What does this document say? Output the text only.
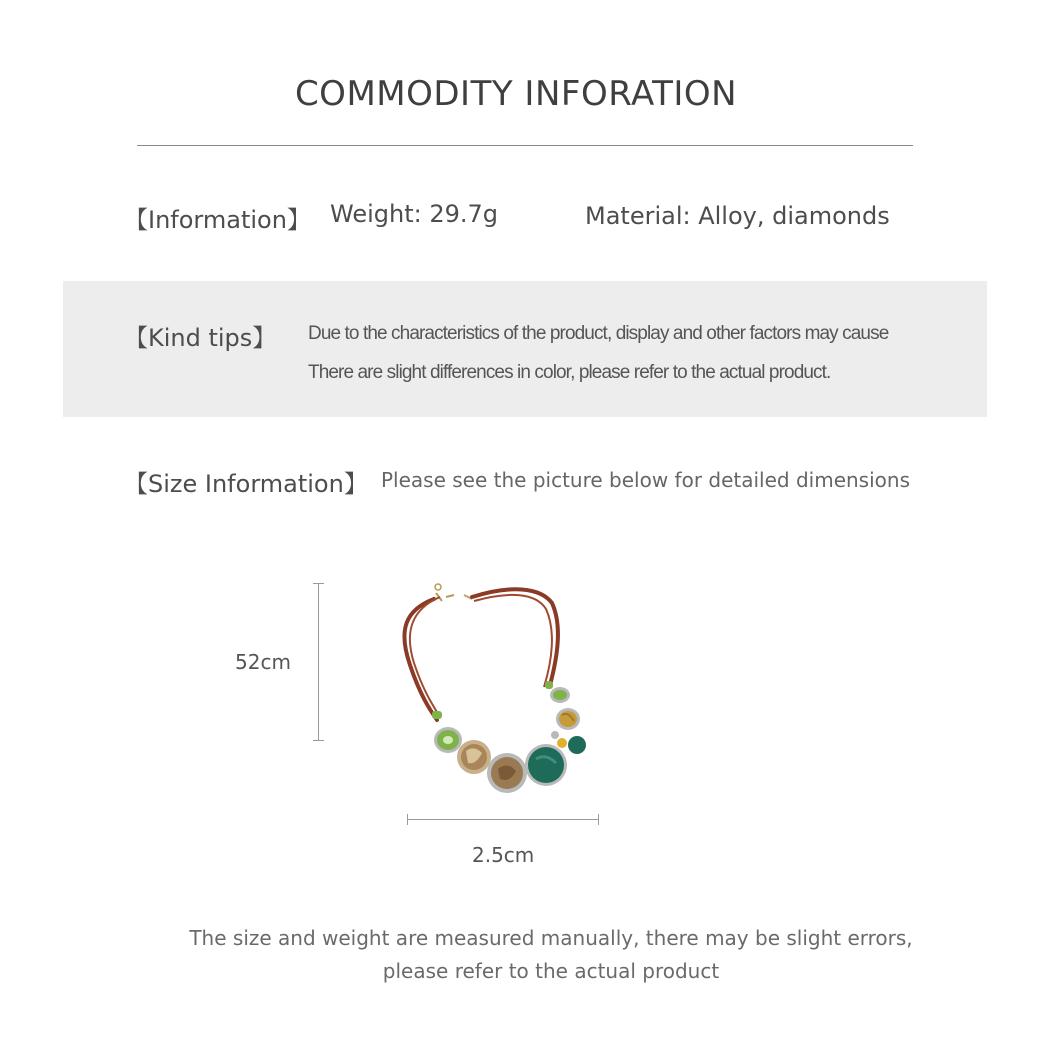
COMMODITY INFORATION
【Information】 Weight: 29.7g	Material: Alloy, diamonds
【Kind tips】 Due to the characteristics of the product, display and other factors may cause
There are slight differences in color, please refer to the actual product.
【Size Information】 Please see the picture below for detailed dimensions
52cm
2.5cm
The size and weight are measured manually, there may be slight errors,
please refer to the actual product
